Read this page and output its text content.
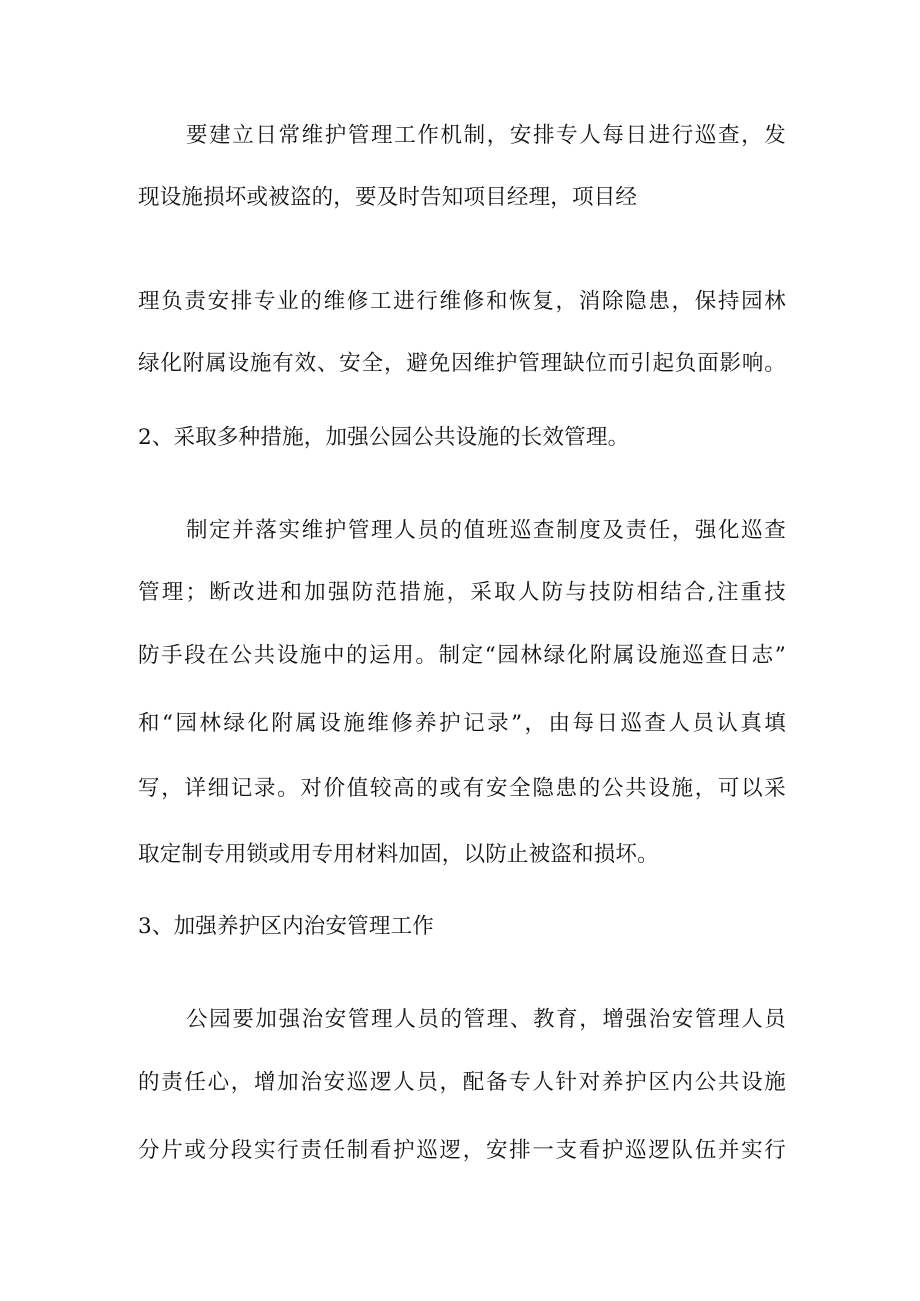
要建立日常维护管理工作机制，安排专人每日进行巡查，发
现设施损坏或被盗的，要及时告知项目经理，项目经
理负责安排专业的维修工进行维修和恢复，消除隐患，保持园林
绿化附属设施有效、安全，避免因维护管理缺位而引起负面影响。
2、采取多种措施，加强公园公共设施的长效管理。
制定并落实维护管理人员的值班巡查制度及责任，强化巡查
管理；断改进和加强防范措施，采取人防与技防相结合,注重技
防手段在公共设施中的运用。制定“园林绿化附属设施巡查日志”
和“园林绿化附属设施维修养护记录”，由每日巡查人员认真填
写，详细记录。对价值较高的或有安全隐患的公共设施，可以采
取定制专用锁或用专用材料加固，以防止被盗和损坏。
3、加强养护区内治安管理工作
公园要加强治安管理人员的管理、教育，增强治安管理人员
的责任心，增加治安巡逻人员，配备专人针对养护区内公共设施
分片或分段实行责任制看护巡逻，安排一支看护巡逻队伍并实行
